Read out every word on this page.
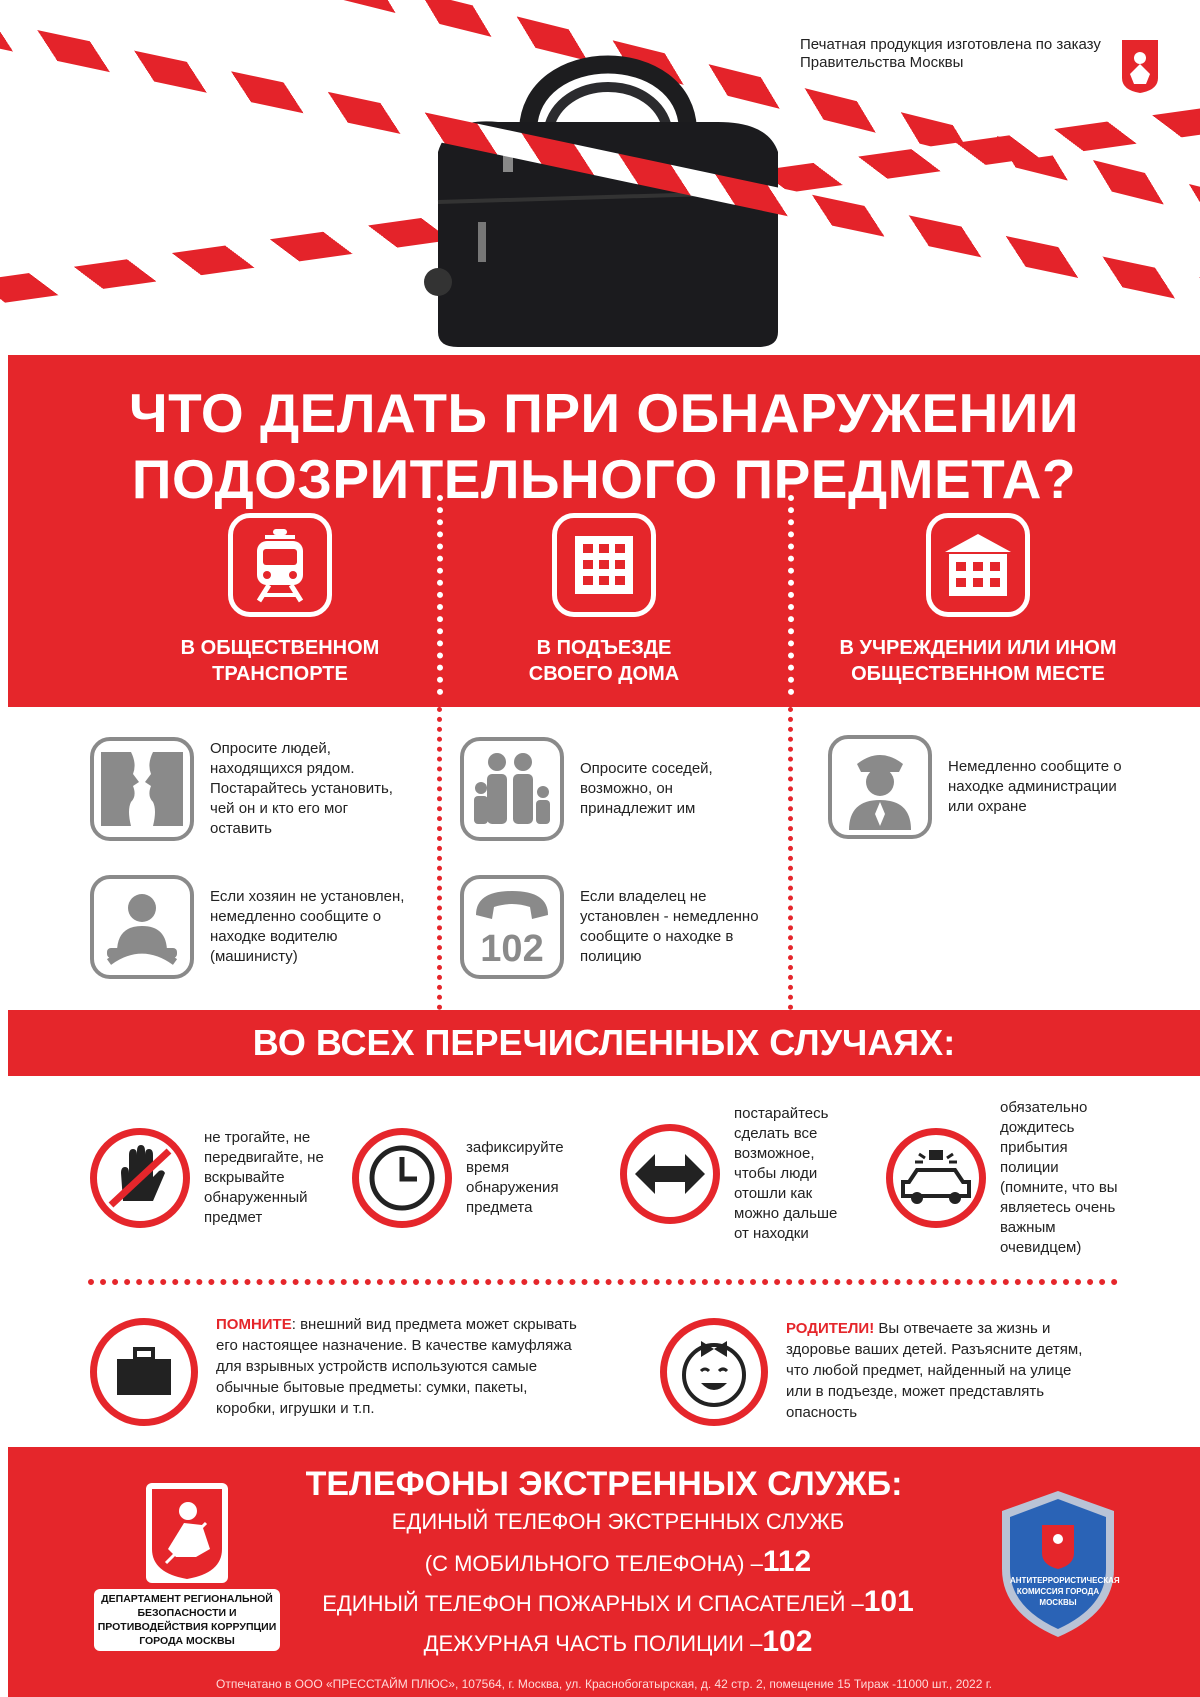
Печатная продукция изготовлена по заказу Правительства Москвы
ЧТО ДЕЛАТЬ ПРИ ОБНАРУЖЕНИИ
ПОДОЗРИТЕЛЬНОГО ПРЕДМЕТА?
В ОБЩЕСТВЕННОМ
ТРАНСПОРТЕ
В ПОДЪЕЗДЕ
СВОЕГО ДОМА
В УЧРЕЖДЕНИИ ИЛИ ИНОМ
ОБЩЕСТВЕННОМ МЕСТЕ
Опросите людей, находящихся рядом. Постарайтесь установить, чей он и кто его мог оставить
Если хозяин не установлен, немедленно сообщите о находке водителю (машинисту)
Опросите соседей, возможно, он принадлежит им
102
Если владелец не установлен - немедленно сообщите о находке в полицию
Немедленно сообщите о находке администрации или охране
ВО ВСЕХ ПЕРЕЧИСЛЕННЫХ СЛУЧАЯХ:
не трогайте, не передвигайте, не вскрывайте обнаруженный предмет
зафиксируйте время обнаружения предмета
постарайтесь сделать все возможное, чтобы люди отошли как можно дальше от находки
обязательно дождитесь прибытия полиции (помните, что вы являетесь очень важным очевидцем)
ПОМНИТЕ: внешний вид предмета может скрывать его настоящее назначение. В качестве камуфляжа для взрывных устройств используются самые обычные бытовые предметы: сумки, пакеты, коробки, игрушки и т.п.
РОДИТЕЛИ! Вы отвечаете за жизнь и здоровье ваших детей. Разъясните детям, что любой предмет, найденный на улице или в подъезде, может представлять опасность
ДЕПАРТАМЕНТ РЕГИОНАЛЬНОЙ БЕЗОПАСНОСТИ И ПРОТИВОДЕЙСТВИЯ КОРРУПЦИИ ГОРОДА МОСКВЫ
ТЕЛЕФОНЫ ЭКСТРЕННЫХ СЛУЖБ:
ЕДИНЫЙ ТЕЛЕФОН ЭКСТРЕННЫХ СЛУЖБ
(С МОБИЛЬНОГО ТЕЛЕФОНА) –112
ЕДИНЫЙ ТЕЛЕФОН ПОЖАРНЫХ И СПАСАТЕЛЕЙ –101
ДЕЖУРНАЯ ЧАСТЬ ПОЛИЦИИ –102
АНТИТЕРРОРИСТИЧЕСКАЯ КОМИССИЯ ГОРОДА МОСКВЫ
Отпечатано в ООО «ПРЕССТАЙМ ПЛЮС», 107564, г. Москва, ул. Краснобогатырская, д. 42 стр. 2, помещение 15 Тираж -11000 шт., 2022 г.
